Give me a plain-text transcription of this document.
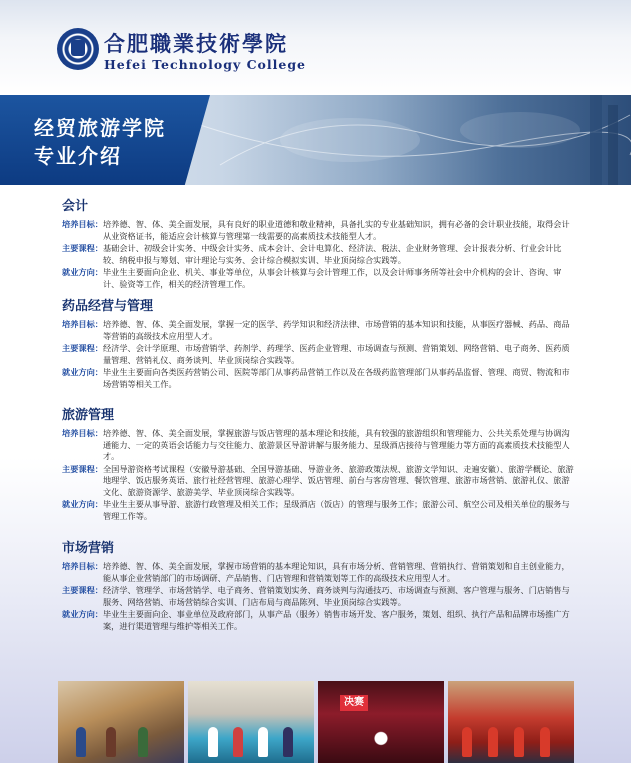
合肥職業技術學院
Hefei Technology College
经贸旅游学院
专业介绍
会计
培养目标： 培养德、智、体、美全面发展，具有良好的职业道德和敬业精神，具备扎实的专业基础知识，拥有必备的会计职业技能，取得会计从业资格证书，能适应会计核算与管理第一线需要的高素质技术技能型人才。
主要课程： 基础会计、初级会计实务、中级会计实务、成本会计、会计电算化、经济法、税法、企业财务管理、会计报表分析、行业会计比较、纳税申报与筹划、审计理论与实务、会计综合模拟实训、毕业顶岗综合实践等。
就业方向： 毕业生主要面向企业、机关、事业等单位，从事会计核算与会计管理工作，以及会计师事务所等社会中介机构的会计、咨询、审计、验资等工作，相关的经济管理工作。
药品经营与管理
培养目标： 培养德、智、体、美全面发展，掌握一定的医学、药学知识和经济法律、市场营销的基本知识和技能，从事医疗器械、药品、商品等营销的高级技术应用型人才。
主要课程： 经济学、会计学原理、市场营销学、药剂学、药理学、医药企业管理、市场调查与预测、营销策划、网络营销、电子商务、医药质量管理、营销礼仪、商务谈判、毕业顶岗综合实践等。
就业方向： 毕业生主要面向各类医药营销公司、医院等部门从事药品营销工作以及在各级药监管理部门从事药品监督、管理、商贸、物流和市场营销等相关工作。
旅游管理
培养目标： 培养德、智、体、美全面发展，掌握旅游与饭店管理的基本理论和技能，具有较强的旅游组织和管理能力、公共关系处理与协调沟通能力、一定的英语会话能力与交往能力、旅游景区导游讲解与服务能力、星级酒店接待与管理能力等方面的高素质技术技能型人才。
主要课程： 全国导游资格考试课程（安徽导游基础、全国导游基础、导游业务、旅游政策法规、旅游文学知识、走遍安徽）、旅游学概论、旅游地理学、饭店服务英语、旅行社经营管理、旅游心理学、饭店管理、前台与客房管理、餐饮管理、旅游市场营销、旅游礼仪、旅游文化、旅游资源学、旅游美学、毕业顶岗综合实践等。
就业方向： 毕业生主要从事导游、旅游行政管理及相关工作；星级酒店（饭店）的管理与服务工作；旅游公司、航空公司及相关单位的服务与管理工作等。
市场营销
培养目标： 培养德、智、体、美全面发展，掌握市场营销的基本理论知识，具有市场分析、营销管理、营销执行、营销策划和自主创业能力，能从事企业营销部门的市场调研、产品销售、门店管理和营销策划等工作的高级技术应用型人才。
主要课程： 经济学、管理学、市场营销学、电子商务、营销策划实务、商务谈判与沟通技巧、市场调查与预测、客户管理与服务、门店销售与服务、网络营销、市场营销综合实训、门店布局与商品陈列、毕业顶岗综合实践等。
就业方向： 毕业生主要面向企、事业单位及政府部门，从事产品（服务）销售市场开发、客户服务，策划、组织、执行产品和品牌市场推广方案，进行渠道管理与维护等相关工作。
决赛
